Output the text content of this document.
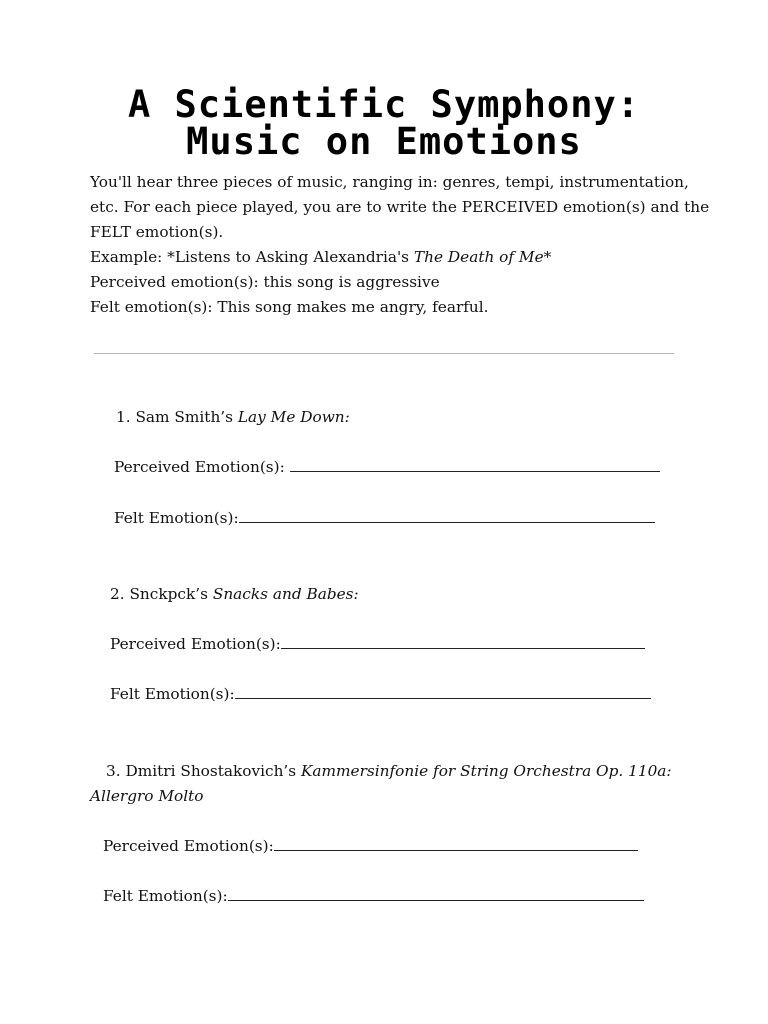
A Scientific Symphony:
Music on Emotions

You'll hear three pieces of music, ranging in: genres, tempi, instrumentation,

etc. For each piece played, you are to write the PERCEIVED emotion(s) and the

FELT emotion(s).

Example: *Listens to Asking Alexandria's The Death of Me*

Perceived emotion(s): this song is aggressive

Felt emotion(s): This song makes me angry, fearful.

1. Sam Smith’s Lay Me Down:
Perceived Emotion(s):
Felt Emotion(s):
2. Snckpck’s Snacks and Babes:
Perceived Emotion(s):
Felt Emotion(s):
3. Dmitri Shostakovich’s Kammersinfonie for String Orchestra Op. 110a:
Allergro Molto
Perceived Emotion(s):
Felt Emotion(s):
